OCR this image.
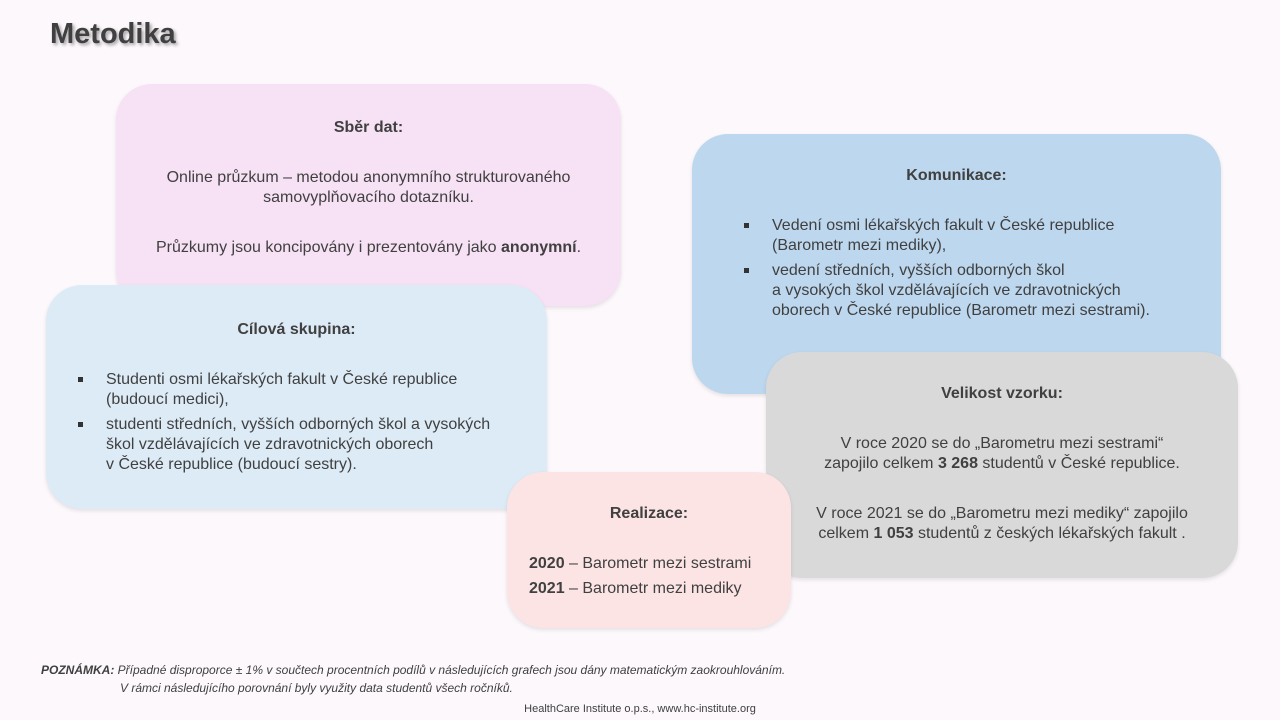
Metodika
Sběr dat:

Online průzkum – metodou anonymního strukturovaného
samovyplňovacího dotazníku.

Průzkumy jsou koncipovány i prezentovány jako anonymní.

Cílová skupina:
Studenti osmi lékařských fakult v České republice
(budoucí medici),
studenti středních, vyšších odborných škol a vysokých
škol vzdělávajících ve zdravotnických oborech
v České republice (budoucí sestry).
Komunikace:
Vedení osmi lékařských fakult v České republice
(Barometr mezi mediky),
vedení středních, vyšších odborných škol
a vysokých škol vzdělávajících ve zdravotnických
oborech v České republice (Barometr mezi sestrami).
Velikost vzorku:

V roce 2020 se do „Barometru mezi sestrami“
zapojilo celkem 3 268 studentů v České republice.

V roce 2021 se do „Barometru mezi mediky“ zapojilo
celkem 1 053 studentů z českých lékařských fakult .

Realizace:
2020 – Barometr mezi sestrami
2021 – Barometr mezi mediky
POZNÁMKA: Případné disproporce ± 1% v součtech procentních podílů v následujících grafech jsou dány matematickým zaokrouhlováním.
V rámci následujícího porovnání byly využity data studentů všech ročníků.
HealthCare Institute o.p.s., www.hc-institute.org
